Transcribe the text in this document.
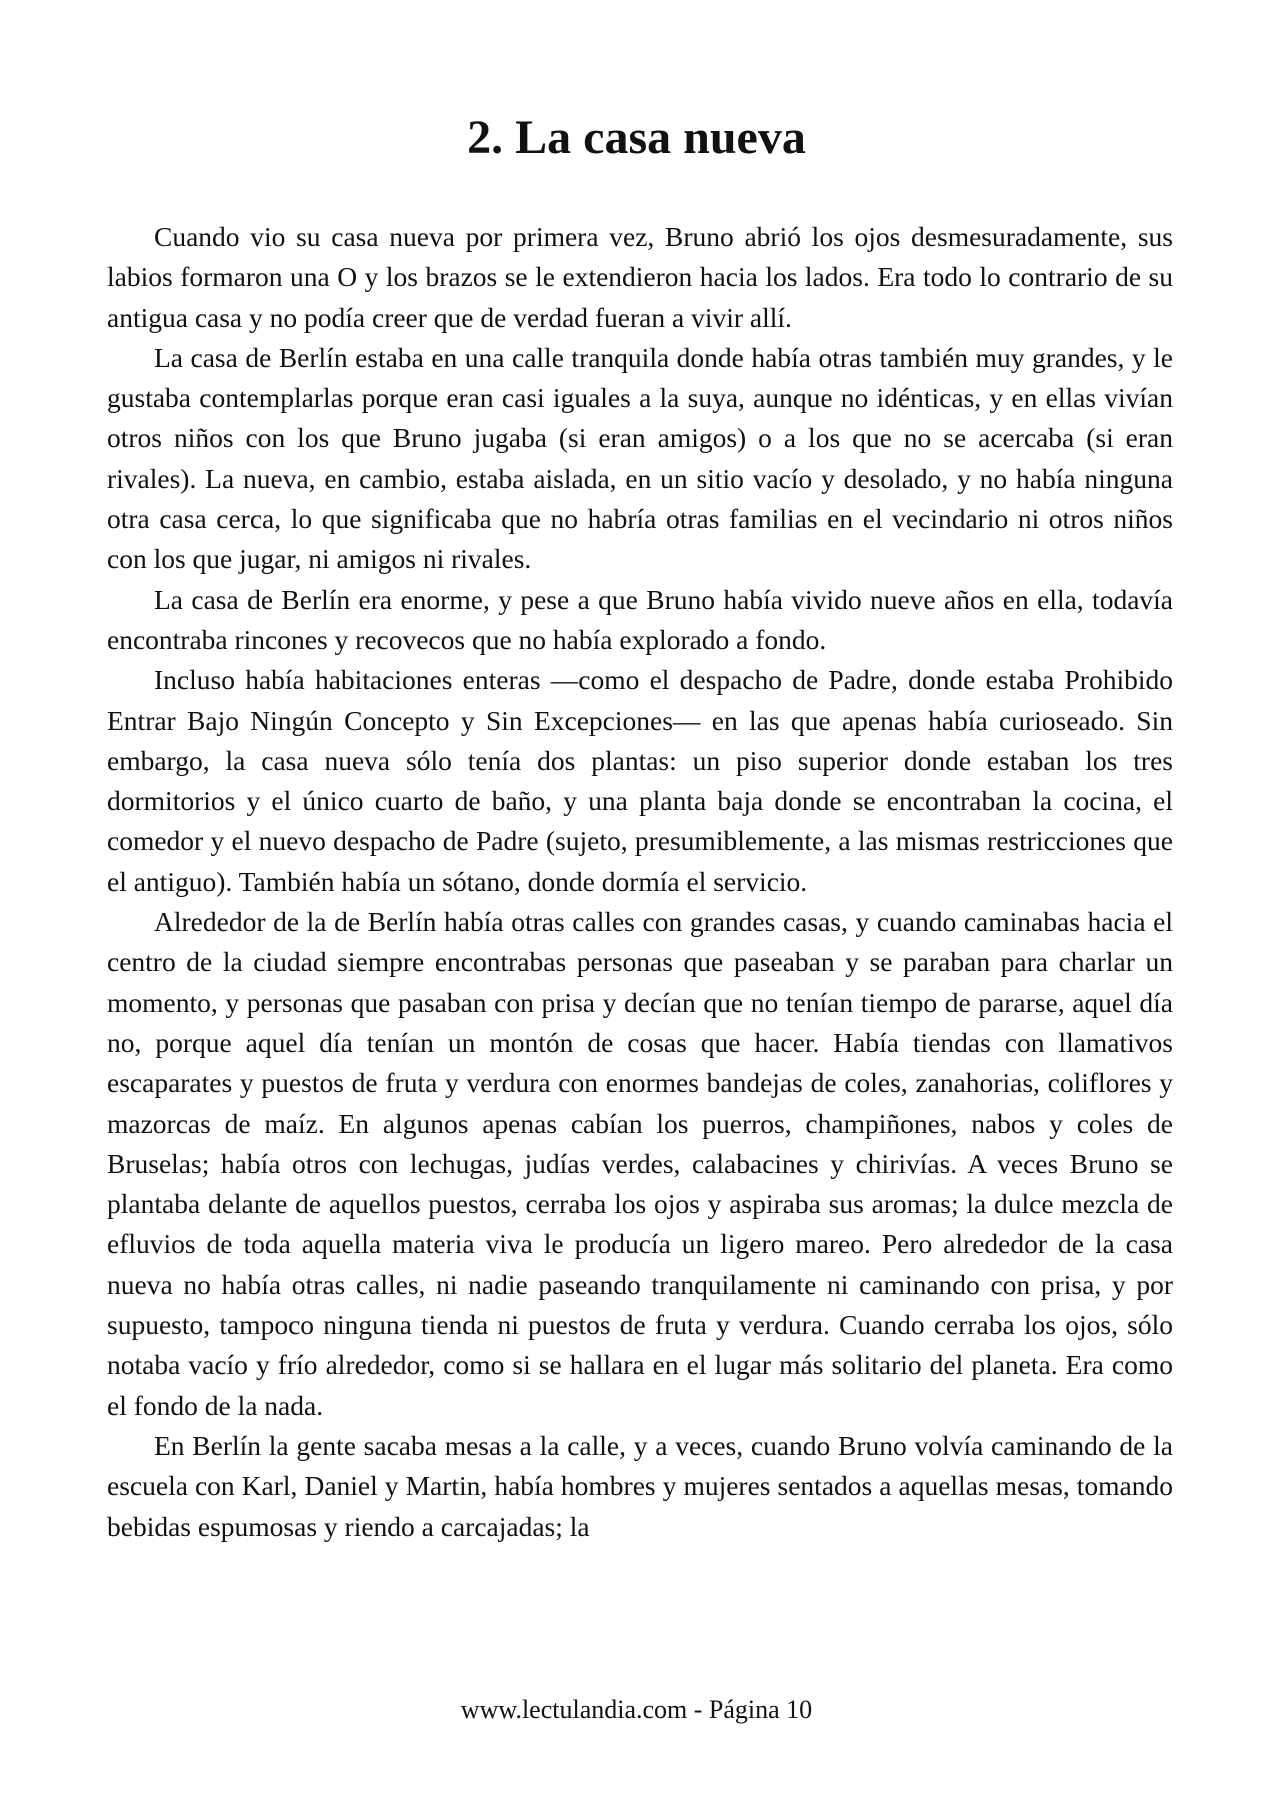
2. La casa nueva

Cuando vio su casa nueva por primera vez, Bruno abrió los ojos desmesuradamente, sus labios formaron una O y los brazos se le extendieron hacia los lados. Era todo lo contrario de su antigua casa y no podía creer que de verdad fueran a vivir allí.

La casa de Berlín estaba en una calle tranquila donde había otras también muy grandes, y le gustaba contemplarlas porque eran casi iguales a la suya, aunque no idénticas, y en ellas vivían otros niños con los que Bruno jugaba (si eran amigos) o a los que no se acercaba (si eran rivales). La nueva, en cambio, estaba aislada, en un sitio vacío y desolado, y no había ninguna otra casa cerca, lo que significaba que no habría otras familias en el vecindario ni otros niños con los que jugar, ni amigos ni rivales.

La casa de Berlín era enorme, y pese a que Bruno había vivido nueve años en ella, todavía encontraba rincones y recovecos que no había explorado a fondo.

Incluso había habitaciones enteras —como el despacho de Padre, donde estaba Prohibido Entrar Bajo Ningún Concepto y Sin Excepciones— en las que apenas había curioseado. Sin embargo, la casa nueva sólo tenía dos plantas: un piso superior donde estaban los tres dormitorios y el único cuarto de baño, y una planta baja donde se encontraban la cocina, el comedor y el nuevo despacho de Padre (sujeto, presumiblemente, a las mismas restricciones que el antiguo). También había un sótano, donde dormía el servicio.

Alrededor de la de Berlín había otras calles con grandes casas, y cuando caminabas hacia el centro de la ciudad siempre encontrabas personas que paseaban y se paraban para charlar un momento, y personas que pasaban con prisa y decían que no tenían tiempo de pararse, aquel día no, porque aquel día tenían un montón de cosas que hacer. Había tiendas con llamativos escaparates y puestos de fruta y verdura con enormes bandejas de coles, zanahorias, coliflores y mazorcas de maíz. En algunos apenas cabían los puerros, champiñones, nabos y coles de Bruselas; había otros con lechugas, judías verdes, calabacines y chirivías. A veces Bruno se plantaba delante de aquellos puestos, cerraba los ojos y aspiraba sus aromas; la dulce mezcla de efluvios de toda aquella materia viva le producía un ligero mareo. Pero alrededor de la casa nueva no había otras calles, ni nadie paseando tranquilamente ni caminando con prisa, y por supuesto, tampoco ninguna tienda ni puestos de fruta y verdura. Cuando cerraba los ojos, sólo notaba vacío y frío alrededor, como si se hallara en el lugar más solitario del planeta. Era como el fondo de la nada.

En Berlín la gente sacaba mesas a la calle, y a veces, cuando Bruno volvía caminando de la escuela con Karl, Daniel y Martin, había hombres y mujeres sentados a aquellas mesas, tomando bebidas espumosas y riendo a carcajadas; la

www.lectulandia.com - Página 10
